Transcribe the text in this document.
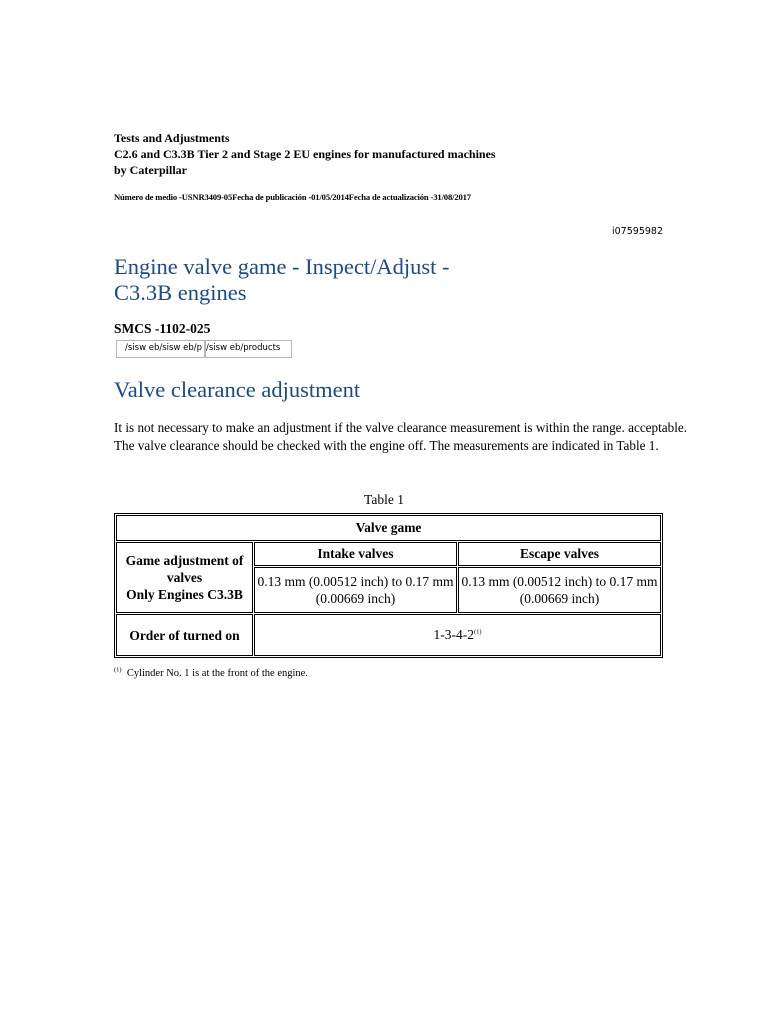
Tests and Adjustments
C2.6 and C3.3B Tier 2 and Stage 2 EU engines for manufactured machines
by Caterpillar
Número de medio -USNR3409-05Fecha de publicación -01/05/2014Fecha de actualización -31/08/2017
i07595982
Engine valve game - Inspect/Adjust - C3.3B engines
SMCS -1102-025
/sisw eb/sisw eb/p /sisw eb/products
Valve clearance adjustment
It is not necessary to make an adjustment if the valve clearance measurement is within the range. acceptable. The valve clearance should be checked with the engine off. The measurements are indicated in Table 1.
Table 1
Valve game		

Game adjustment of valves
Only Engines C3.3B	Intake valves	Escape valves
	0.13 mm (0.00512 inch) to 0.17 mm (0.00669 inch)	0.13 mm (0.00512 inch) to 0.17 mm (0.00669 inch)
Order of turned on	1-3-4-2$^{(1)}$
$^{(1)}$ Cylinder No. 1 is at the front of the engine.
